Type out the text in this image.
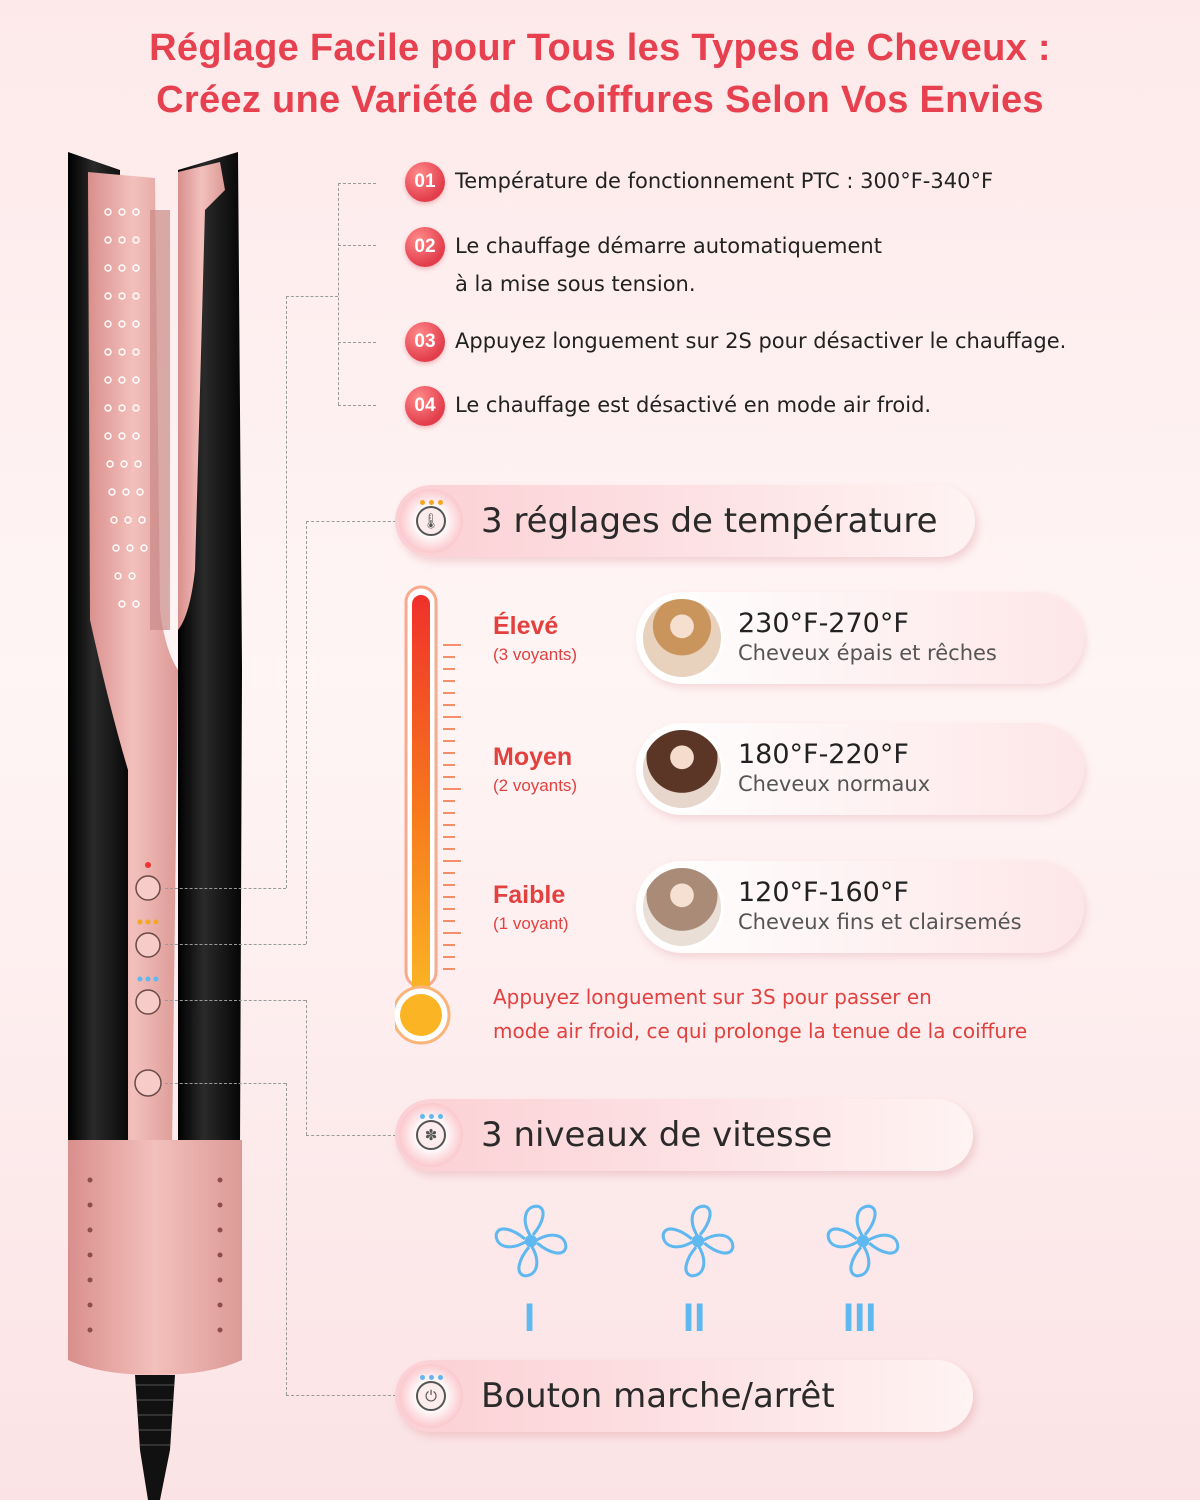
Réglage Facile pour Tous les Types de Cheveux :
Créez une Variété de Coiffures Selon Vos Envies
01 Température de fonctionnement PTC : 300°F-340°F
02 Le chauffage démarre automatiquement
à la mise sous tension.
03 Appuyez longuement sur 2S pour désactiver le chauffage.
04 Le chauffage est désactivé en mode air froid.
🌡 3 réglages de température
Élevé
(3 voyants)
230°F-270°F
Cheveux épais et rêches
Moyen
(2 voyants)
180°F-220°F
Cheveux normaux
Faible
(1 voyant)
120°F-160°F
Cheveux fins et clairsemés
Appuyez longuement sur 3S pour passer en
mode air froid, ce qui prolonge la tenue de la coiffure
✽ 3 niveaux de vitesse
I	II	III
⏻ Bouton marche/arrêt
